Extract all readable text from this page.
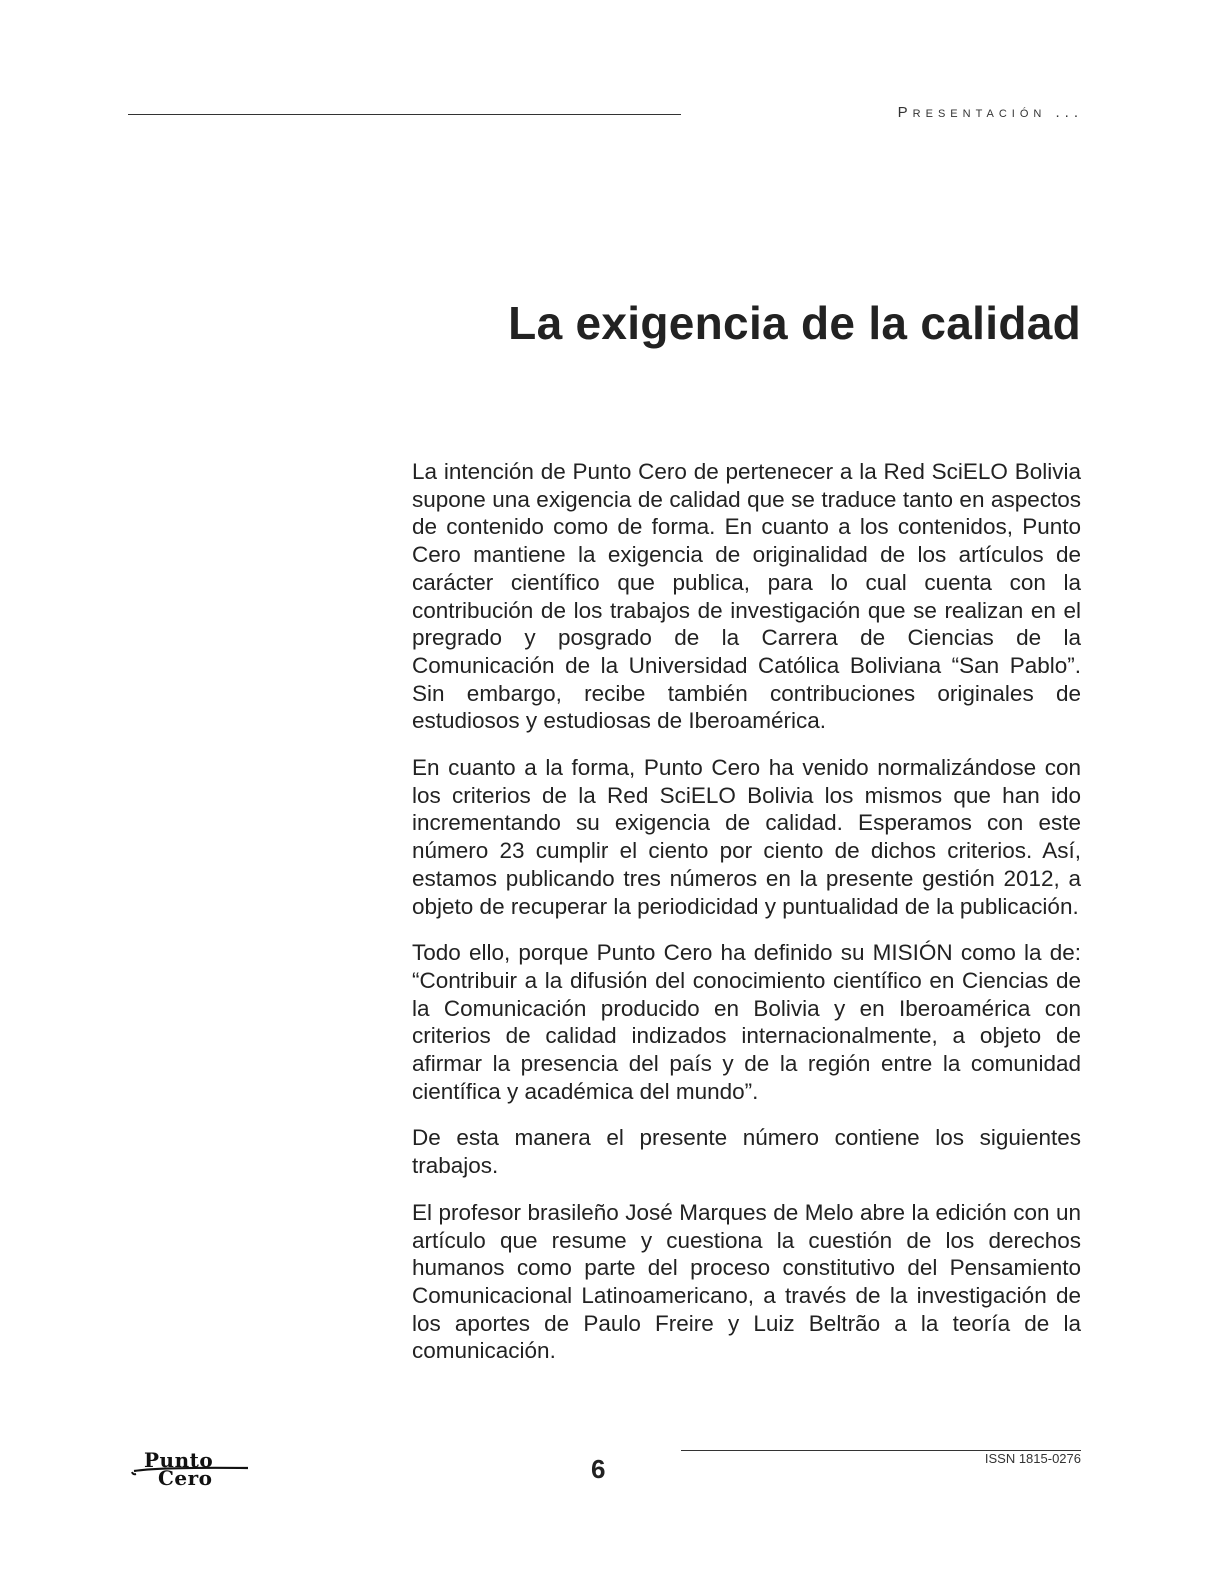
Presentación ...
La exigencia de la calidad

La intención de Punto Cero de pertenecer a la Red SciELO Bolivia supone una exigencia de calidad que se traduce tanto en aspectos de contenido como de forma. En cuanto a los contenidos, Punto Cero mantiene la exigencia de originalidad de los artículos de carácter científico que publica, para lo cual cuenta con la contribución de los trabajos de investigación que se realizan en el pregrado y posgrado de la Carrera de Ciencias de la Comunicación de la Universidad Católica Boliviana “San Pablo”. Sin embargo, recibe también contribuciones originales de estudiosos y estudiosas de Iberoamérica.

En cuanto a la forma, Punto Cero ha venido normalizándose con los criterios de la Red SciELO Bolivia los mismos que han ido incrementando su exigencia de calidad. Esperamos con este número 23 cumplir el ciento por ciento de dichos criterios. Así, estamos publicando tres números en la presente gestión 2012, a objeto de recuperar la periodicidad y puntualidad de la publicación.

Todo ello, porque Punto Cero ha definido su MISIÓN como la de: “Contribuir a la difusión del conocimiento científico en Ciencias de la Comunicación producido en Bolivia y en Iberoamérica con criterios de calidad indizados internacionalmente, a objeto de afirmar la presencia del país y de la región entre la comunidad científica y académica del mundo”.

De esta manera el presente número contiene los siguientes trabajos.

El profesor brasileño José Marques de Melo abre la edición con un artículo que resume y cuestiona la cuestión de los derechos humanos como parte del proceso constitutivo del Pensamiento Comunicacional Latinoamericano, a través de la investigación de los aportes de Paulo Freire y Luiz Beltrão a la teoría de la comunicación.

Punto
Cero	6	ISSN 1815-0276
